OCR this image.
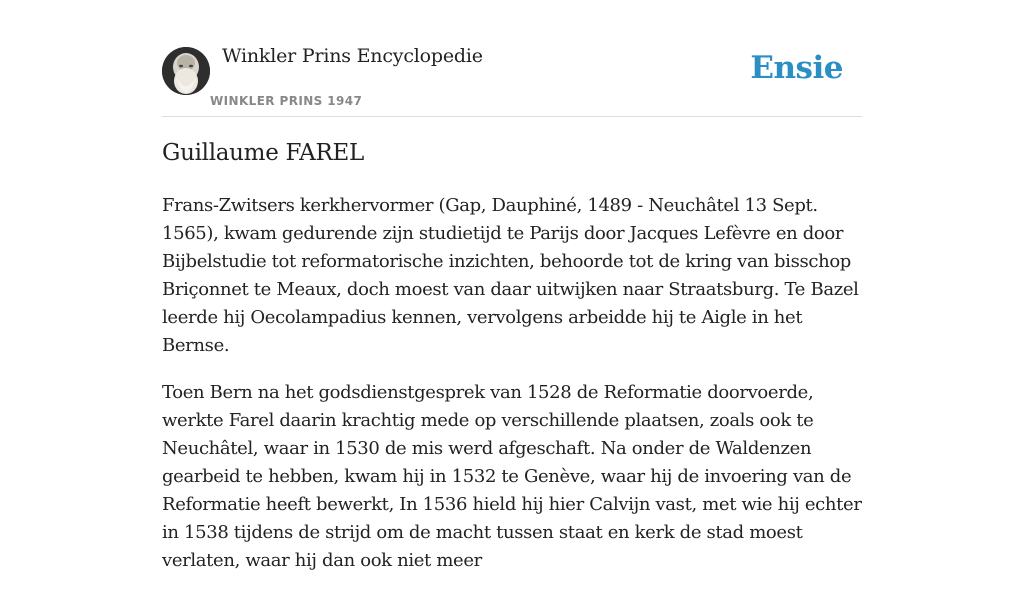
Winkler Prins Encyclopedie
WINKLER PRINS 1947
Ensie
Guillaume FAREL

Frans-Zwitsers kerkhervormer (Gap, Dauphiné, 1489 - Neuchâtel 13 Sept. 1565), kwam gedurende zijn studietijd te Parijs door Jacques Lefèvre en door Bijbelstudie tot reformatorische inzichten, behoorde tot de kring van bisschop Briçonnet te Meaux, doch moest van daar uitwijken naar Straatsburg. Te Bazel leerde hij Oecolampadius kennen, vervolgens arbeidde hij te Aigle in het Bernse.

Toen Bern na het godsdienstgesprek van 1528 de Reformatie doorvoerde, werkte Farel daarin krachtig mede op verschillende plaatsen, zoals ook te Neuchâtel, waar in 1530 de mis werd afgeschaft. Na onder de Waldenzen gearbeid te hebben, kwam hij in 1532 te Genève, waar hij de invoering van de Reformatie heeft bewerkt, In 1536 hield hij hier Calvijn vast, met wie hij echter in 1538 tijdens de strijd om de macht tussen staat en kerk de stad moest verlaten, waar hij dan ook niet meer
